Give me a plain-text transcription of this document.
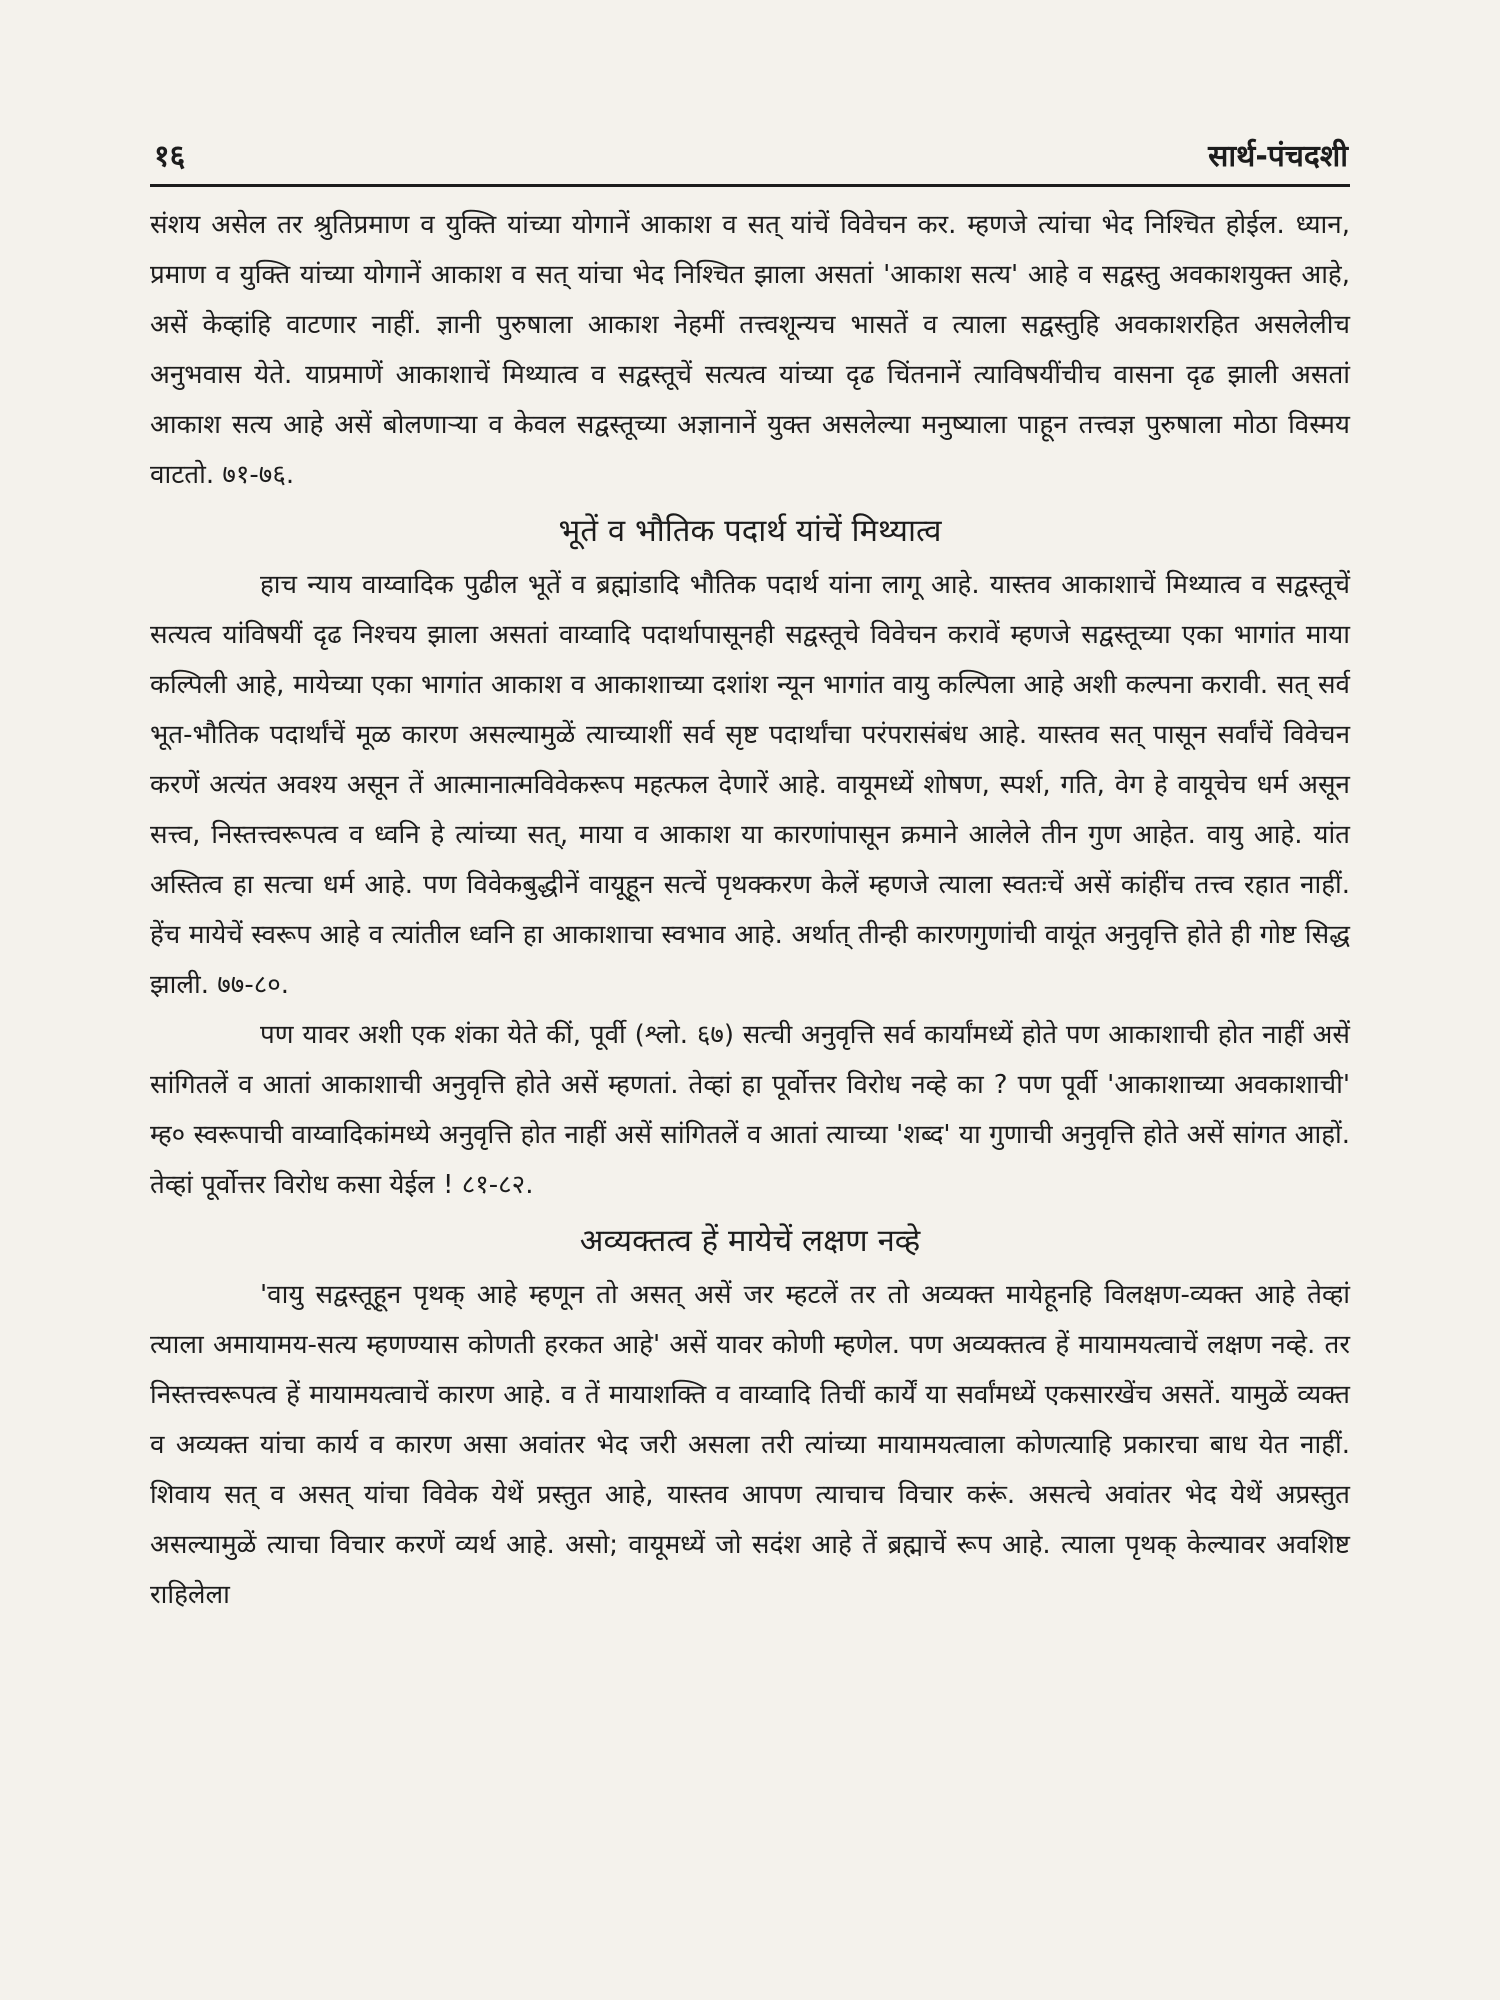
१६	सार्थ-पंचदशी

संशय असेल तर श्रुतिप्रमाण व युक्ति यांच्या योगानें आकाश व सत् यांचें विवेचन कर. म्हणजे त्यांचा भेद निश्चित होईल. ध्यान, प्रमाण व युक्ति यांच्या योगानें आकाश व सत् यांचा भेद निश्चित झाला असतां 'आकाश सत्य' आहे व सद्वस्तु अवकाशयुक्त आहे, असें केव्हांहि वाटणार नाहीं. ज्ञानी पुरुषाला आकाश नेहमीं तत्त्वशून्यच भासतें व त्याला सद्वस्तुहि अवकाशरहित असलेलीच अनुभवास येते. याप्रमाणें आकाशाचें मिथ्यात्व व सद्वस्तूचें सत्यत्व यांच्या दृढ चिंतनानें त्याविषयींचीच वासना दृढ झाली असतां आकाश सत्य आहे असें बोलणाऱ्या व केवल सद्वस्तूच्या अज्ञानानें युक्त असलेल्या मनुष्याला पाहून तत्त्वज्ञ पुरुषाला मोठा विस्मय वाटतो. ७१-७६.

भूतें व भौतिक पदार्थ यांचें मिथ्यात्व

हाच न्याय वाय्वादिक पुढील भूतें व ब्रह्मांडादि भौतिक पदार्थ यांना लागू आहे. यास्तव आकाशाचें मिथ्यात्व व सद्वस्तूचें सत्यत्व यांविषयीं दृढ निश्चय झाला असतां वाय्वादि पदार्थापासूनही सद्वस्तूचे विवेचन करावें म्हणजे सद्वस्तूच्या एका भागांत माया कल्पिली आहे, मायेच्या एका भागांत आकाश व आकाशाच्या दशांश न्यून भागांत वायु कल्पिला आहे अशी कल्पना करावी. सत् सर्व भूत-भौतिक पदार्थांचें मूळ कारण असल्यामुळें त्याच्याशीं सर्व सृष्ट पदार्थांचा परंपरासंबंध आहे. यास्तव सत् पासून सर्वांचें विवेचन करणें अत्यंत अवश्य असून तें आत्मानात्मविवेकरूप महत्फल देणारें आहे. वायूमध्यें शोषण, स्पर्श, गति, वेग हे वायूचेच धर्म असून सत्त्व, निस्तत्त्वरूपत्व व ध्वनि हे त्यांच्या सत्, माया व आकाश या कारणांपासून क्रमाने आलेले तीन गुण आहेत. वायु आहे. यांत अस्तित्व हा सत्चा धर्म आहे. पण विवेकबुद्धीनें वायूहून सत्चें पृथक्करण केलें म्हणजे त्याला स्वतःचें असें कांहींच तत्त्व रहात नाहीं. हेंच मायेचें स्वरूप आहे व त्यांतील ध्वनि हा आकाशाचा स्वभाव आहे. अर्थात् तीन्ही कारणगुणांची वायूंत अनुवृत्ति होते ही गोष्ट सिद्ध झाली. ७७-८०.

पण यावर अशी एक शंका येते कीं, पूर्वी (श्लो. ६७) सत्ची अनुवृत्ति सर्व कार्यांमध्यें होते पण आकाशाची होत नाहीं असें सांगितलें व आतां आकाशाची अनुवृत्ति होते असें म्हणतां. तेव्हां हा पूर्वोत्तर विरोध नव्हे का ? पण पूर्वी 'आकाशाच्या अवकाशाची' म्ह० स्वरूपाची वाय्वादिकांमध्ये अनुवृत्ति होत नाहीं असें सांगितलें व आतां त्याच्या 'शब्द' या गुणाची अनुवृत्ति होते असें सांगत आहों. तेव्हां पूर्वोत्तर विरोध कसा येईल ! ८१-८२.

अव्यक्तत्व हें मायेचें लक्षण नव्हे

'वायु सद्वस्तूहून पृथक् आहे म्हणून तो असत् असें जर म्हटलें तर तो अव्यक्त मायेहूनहि विलक्षण-व्यक्त आहे तेव्हां त्याला अमायामय-सत्य म्हणण्यास कोणती हरकत आहे' असें यावर कोणी म्हणेल. पण अव्यक्तत्व हें मायामयत्वाचें लक्षण नव्हे. तर निस्तत्त्वरूपत्व हें मायामयत्वाचें कारण आहे. व तें मायाशक्ति व वाय्वादि तिचीं कार्यें या सर्वांमध्यें एकसारखेंच असतें. यामुळें व्यक्त व अव्यक्त यांचा कार्य व कारण असा अवांतर भेद जरी असला तरी त्यांच्या मायामयत्वाला कोणत्याहि प्रकारचा बाध येत नाहीं. शिवाय सत् व असत् यांचा विवेक येथें प्रस्तुत आहे, यास्तव आपण त्याचाच विचार करूं. असत्चे अवांतर भेद येथें अप्रस्तुत असल्यामुळें त्याचा विचार करणें व्यर्थ आहे. असो; वायूमध्यें जो सदंश आहे तें ब्रह्माचें रूप आहे. त्याला पृथक् केल्यावर अवशिष्ट राहिलेला
